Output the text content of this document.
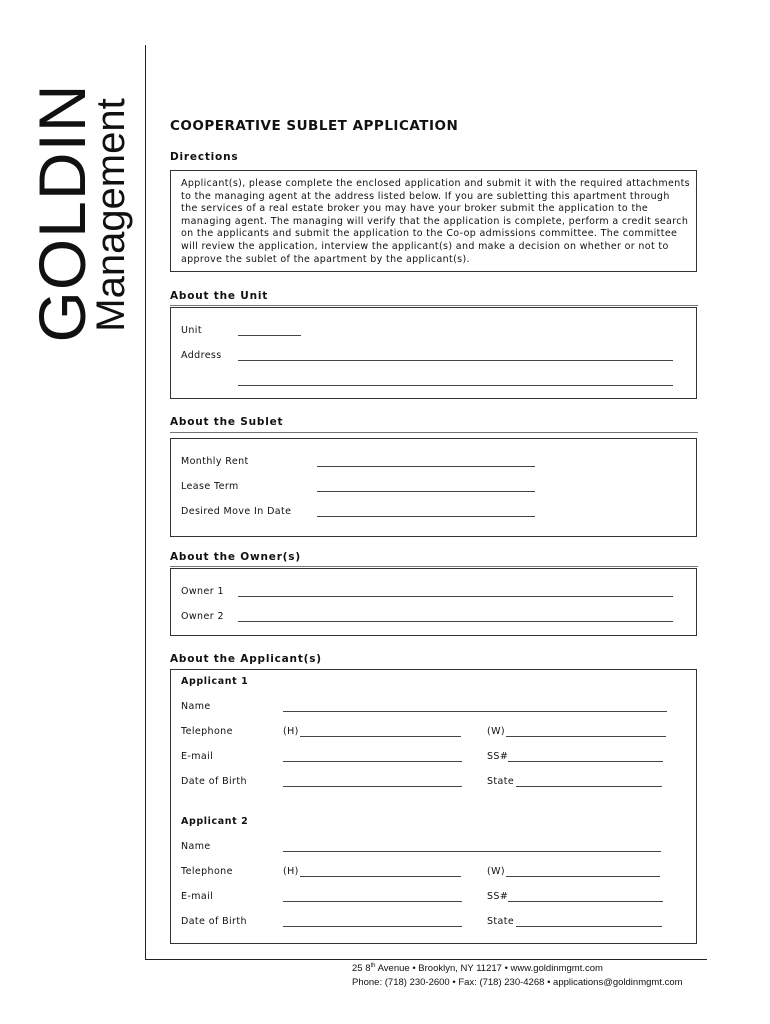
GOLDIN
Management	COOPERATIVE SUBLET APPLICATION
Directions
Applicant(s), please complete the enclosed application and submit it with the required attachments
to the managing agent at the address listed below. If you are subletting this apartment through
the services of a real estate broker you may have your broker submit the application to the
managing agent. The managing will verify that the application is complete, perform a credit search
on the applicants and submit the application to the Co-op admissions committee. The committee
will review the application, interview the applicant(s) and make a decision on whether or not to
approve the sublet of the apartment by the applicant(s).
About the Unit
Unit
Address
About the Sublet
Monthly Rent
Lease Term
Desired Move In Date
About the Owner(s)
Owner 1
Owner 2
About the Applicant(s)
Applicant 1
Name
Telephone	(H)	(W)
E-mail	SS#
Date of Birth	State
Applicant 2
Name
Telephone	(H)	(W)
E-mail	SS#
Date of Birth	State
25 8th Avenue • Brooklyn, NY 11217 • www.goldinmgmt.com
Phone: (718) 230-2600 • Fax: (718) 230-4268 • applications@goldinmgmt.com
